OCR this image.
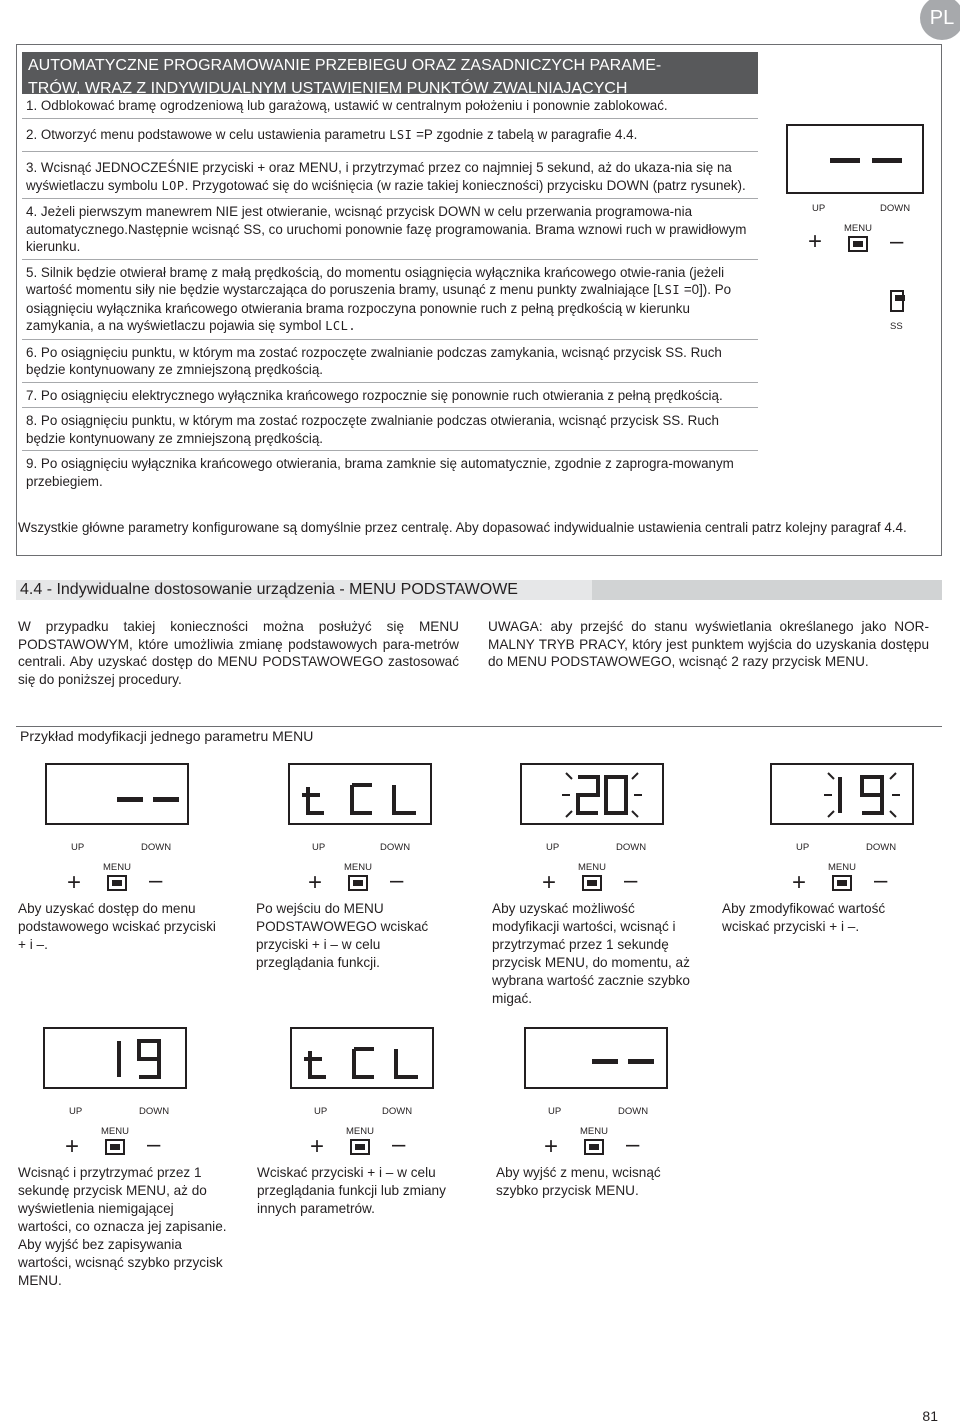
PL
AUTOMATYCZNE PROGRAMOWANIE PRZEBIEGU ORAZ ZASADNICZYCH PARAME-
TRÓW, WRAZ Z INDYWIDUALNYM USTAWIENIEM PUNKTÓW ZWALNIAJĄCYCH
1. Odblokować bramę ogrodzeniową lub garażową, ustawić w centralnym położeniu i ponownie zablokować.
2. Otworzyć menu podstawowe w celu ustawienia parametru LSI =P zgodnie z tabelą w paragrafie 4.4.
3. Wcisnąć JEDNOCZEŚNIE przyciski + oraz MENU, i przytrzymać przez co najmniej 5 sekund, aż do ukaza-nia się na wyświetlaczu symbolu LOP. Przygotować się do wciśnięcia (w razie takiej konieczności) przycisku DOWN (patrz rysunek).
4. Jeżeli pierwszym manewrem NIE jest otwieranie, wcisnąć przycisk DOWN w celu przerwania programowa-nia automatycznego.Następnie wcisnąć SS, co uruchomi ponownie fazę programowania. Brama wznowi ruch w prawidłowym kierunku.
5. Silnik będzie otwierał bramę z małą prędkością, do momentu osiągnięcia wyłącznika krańcowego otwie-rania (jeżeli wartość momentu siły nie będzie wystarczająca do poruszenia bramy, usunąć z menu punkty zwalniające [LSI =0]). Po osiągnięciu wyłącznika krańcowego otwierania brama rozpoczyna ponownie ruch z pełną prędkością w kierunku zamykania, a na wyświetlaczu pojawia się symbol LCL.
6. Po osiągnięciu punktu, w którym ma zostać rozpoczęte zwalnianie podczas zamykania, wcisnąć przycisk SS. Ruch będzie kontynuowany ze zmniejszoną prędkością.
7. Po osiągnięciu elektrycznego wyłącznika krańcowego rozpocznie się ponownie ruch otwierania z pełną prędkością.
8. Po osiągnięciu punktu, w którym ma zostać rozpoczęte zwalnianie podczas otwierania, wcisnąć przycisk SS. Ruch będzie kontynuowany ze zmniejszoną prędkością.
9. Po osiągnięciu wyłącznika krańcowego otwierania, brama zamknie się automatycznie, zgodnie z zaprogra-mowanym przebiegiem.
Wszystkie główne parametry konfigurowane są domyślnie przez centralę. Aby dopasować indywidualnie ustawienia centrali patrz kolejny paragraf 4.4.
UP	DOWN
MENU
+	–
SS
4.4 - Indywidualne dostosowanie urządzenia - MENU PODSTAWOWE
W przypadku takiej konieczności można posłużyć się MENU PODSTAWOWYM, które umożliwia zmianę podstawowych para-metrów centrali. Aby uzyskać dostęp do MENU PODSTAWOWEGO zastosować się do poniższej procedury.
UWAGA: aby przejść do stanu wyświetlania określanego jako NOR-MALNY TRYB PRACY, który jest punktem wyjścia do uzyskania dostępu do MENU PODSTAWOWEGO, wcisnąć 2 razy przycisk MENU.
Przykład modyfikacji jednego parametru MENU
UP	DOWN
MENU
+	–
Aby uzyskać dostęp do menu podstawowego wciskać przyciski + i –.
UP	DOWN
MENU
+	–
Po wejściu do MENU PODSTAWOWEGO wciskać przyciski + i – w celu przeglądania funkcji.
UP	DOWN
MENU
+	–
Aby uzyskać możliwość modyfikacji wartości, wcisnąć i przytrzymać przez 1 sekundę przycisk MENU, do momentu, aż wybrana wartość zacznie szybko migać.
UP	DOWN
MENU
+	–
Aby zmodyfikować wartość wciskać przyciski + i –.
UP	DOWN
MENU
+	–
Wcisnąć i przytrzymać przez 1 sekundę przycisk MENU, aż do wyświetlenia niemigającej wartości, co oznacza jej zapisanie. Aby wyjść bez zapisywania wartości, wcisnąć szybko przycisk MENU.
UP	DOWN
MENU
+	–
Wciskać przyciski + i – w celu przeglądania funkcji lub zmiany innych parametrów.
UP	DOWN
MENU
+	–
Aby wyjść z menu, wcisnąć szybko przycisk MENU.
81
